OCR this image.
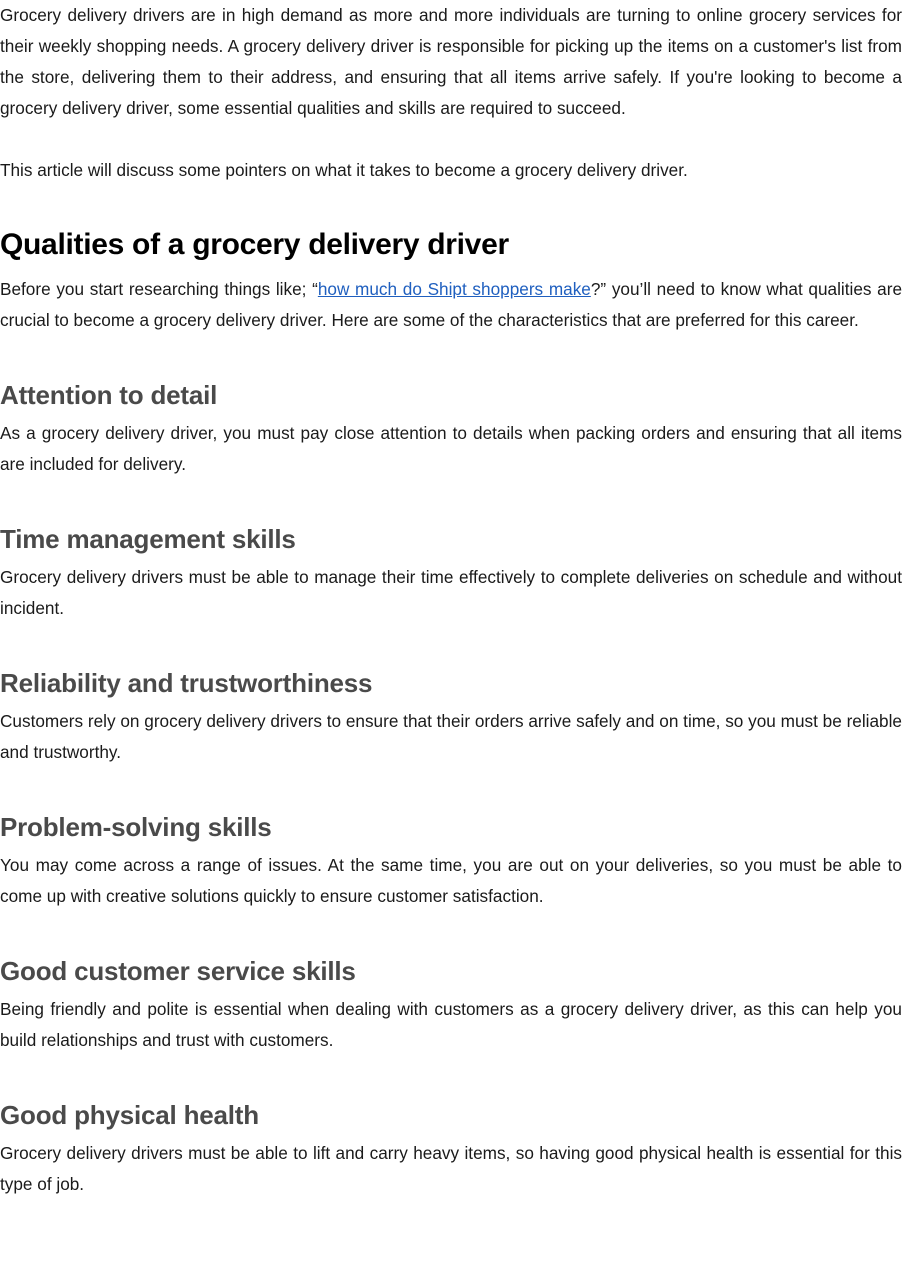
Grocery delivery drivers are in high demand as more and more individuals are turning to online grocery services for their weekly shopping needs. A grocery delivery driver is responsible for picking up the items on a customer's list from the store, delivering them to their address, and ensuring that all items arrive safely. If you're looking to become a grocery delivery driver, some essential qualities and skills are required to succeed.

This article will discuss some pointers on what it takes to become a grocery delivery driver.

Qualities of a grocery delivery driver

Before you start researching things like; “how much do Shipt shoppers make?” you’ll need to know what qualities are crucial to become a grocery delivery driver. Here are some of the characteristics that are preferred for this career.

Attention to detail

As a grocery delivery driver, you must pay close attention to details when packing orders and ensuring that all items are included for delivery.

Time management skills

Grocery delivery drivers must be able to manage their time effectively to complete deliveries on schedule and without incident.

Reliability and trustworthiness

Customers rely on grocery delivery drivers to ensure that their orders arrive safely and on time, so you must be reliable and trustworthy.

Problem-solving skills

You may come across a range of issues. At the same time, you are out on your deliveries, so you must be able to come up with creative solutions quickly to ensure customer satisfaction.

Good customer service skills

Being friendly and polite is essential when dealing with customers as a grocery delivery driver, as this can help you build relationships and trust with customers.

Good physical health

Grocery delivery drivers must be able to lift and carry heavy items, so having good physical health is essential for this type of job.
